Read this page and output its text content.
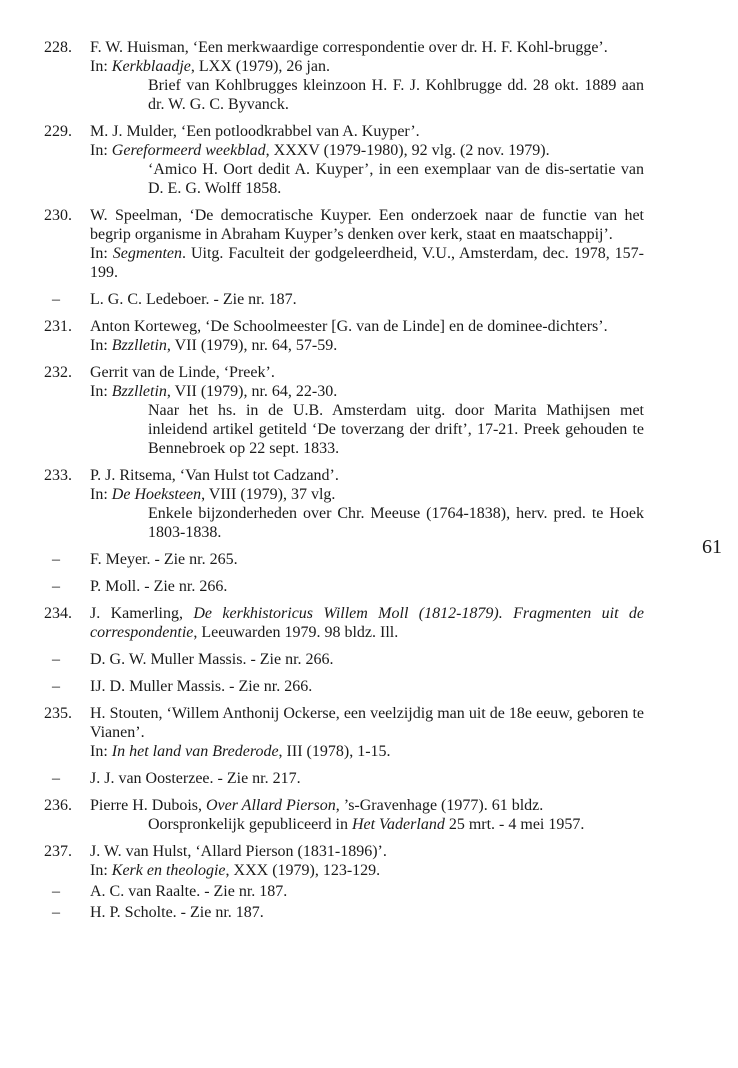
61
228.	F. W. Huisman, ‘Een merkwaardige correspondentie over dr. H. F. Kohl-brugge’.
In: Kerkblaadje, LXX (1979), 26 jan.
Brief van Kohlbrugges kleinzoon H. F. J. Kohlbrugge dd. 28 okt. 1889 aan dr. W. G. C. Byvanck.
229.	M. J. Mulder, ‘Een potloodkrabbel van A. Kuyper’.
In: Gereformeerd weekblad, XXXV (1979-1980), 92 vlg. (2 nov. 1979).
‘Amico H. Oort dedit A. Kuyper’, in een exemplaar van de dis-sertatie van D. E. G. Wolff 1858.
230.	W. Speelman, ‘De democratische Kuyper. Een onderzoek naar de functie van het begrip organisme in Abraham Kuyper’s denken over kerk, staat en maatschappij’.
In: Segmenten. Uitg. Faculteit der godgeleerdheid, V.U., Amsterdam, dec. 1978, 157-199.
–	L. G. C. Ledeboer. - Zie nr. 187.
231.	Anton Korteweg, ‘De Schoolmeester [G. van de Linde] en de dominee-dichters’.
In: Bzzlletin, VII (1979), nr. 64, 57-59.
232.	Gerrit van de Linde, ‘Preek’.
In: Bzzlletin, VII (1979), nr. 64, 22-30.
Naar het hs. in de U.B. Amsterdam uitg. door Marita Mathijsen met inleidend artikel getiteld ‘De toverzang der drift’, 17-21. Preek gehouden te Bennebroek op 22 sept. 1833.
233.	P. J. Ritsema, ‘Van Hulst tot Cadzand’.
In: De Hoeksteen, VIII (1979), 37 vlg.
Enkele bijzonderheden over Chr. Meeuse (1764-1838), herv. pred. te Hoek 1803-1838.
–	F. Meyer. - Zie nr. 265.
–	P. Moll. - Zie nr. 266.
234.	J. Kamerling, De kerkhistoricus Willem Moll (1812-1879). Fragmenten uit de correspondentie, Leeuwarden 1979. 98 bldz. Ill.
–	D. G. W. Muller Massis. - Zie nr. 266.
–	IJ. D. Muller Massis. - Zie nr. 266.
235.	H. Stouten, ‘Willem Anthonij Ockerse, een veelzijdig man uit de 18e eeuw, geboren te Vianen’.
In: In het land van Brederode, III (1978), 1-15.
–	J. J. van Oosterzee. - Zie nr. 217.
236.	Pierre H. Dubois, Over Allard Pierson, ’s-Gravenhage (1977). 61 bldz.
Oorspronkelijk gepubliceerd in Het Vaderland 25 mrt. - 4 mei 1957.
237.	J. W. van Hulst, ‘Allard Pierson (1831-1896)’.
In: Kerk en theologie, XXX (1979), 123-129.
–	A. C. van Raalte. - Zie nr. 187.
–	H. P. Scholte. - Zie nr. 187.
